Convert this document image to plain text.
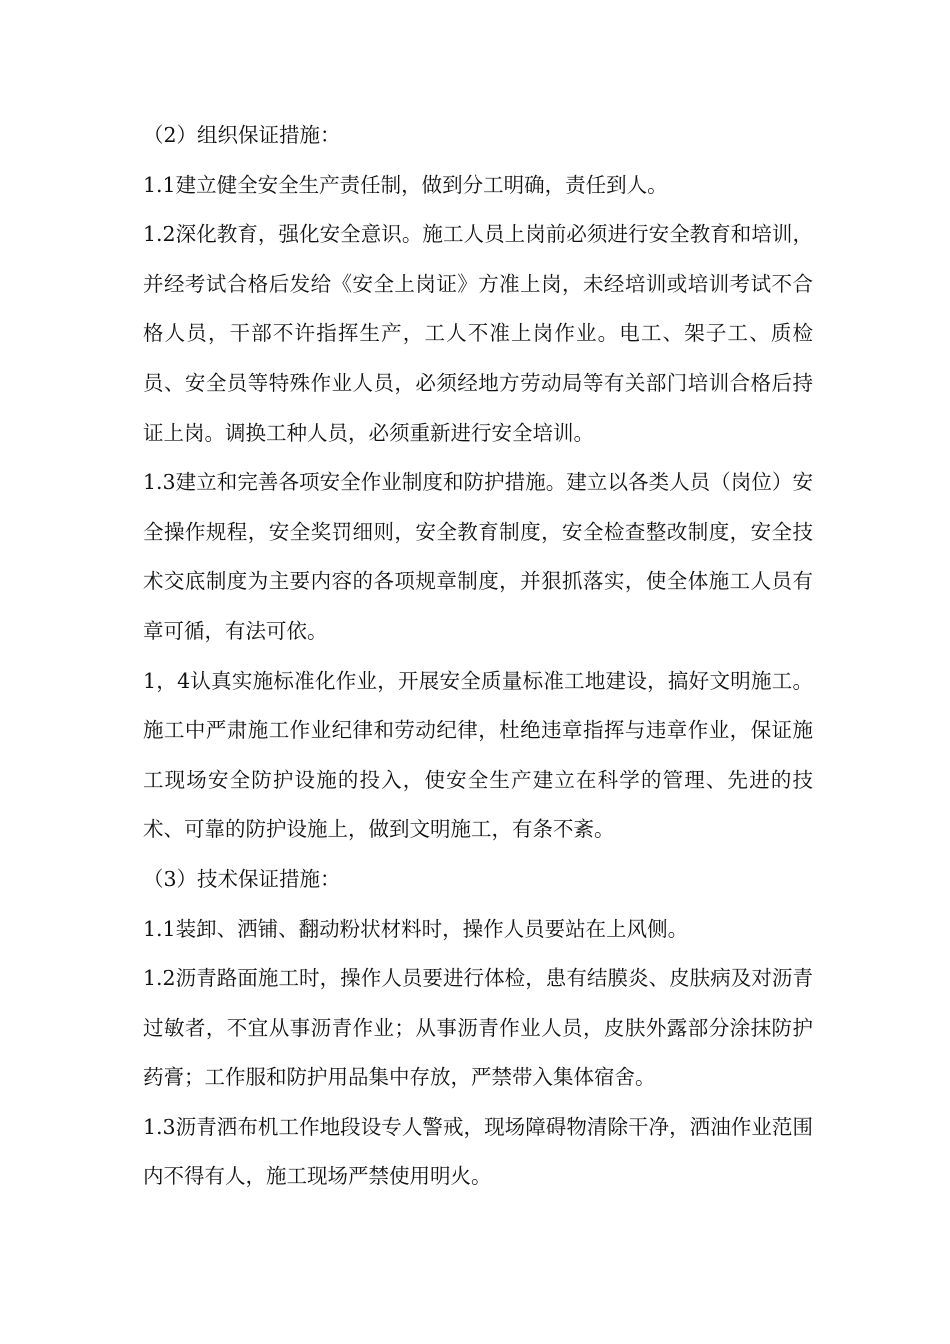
（2）组织保证措施：

1.1建立健全安全生产责任制，做到分工明确，责任到人。

1.2深化教育，强化安全意识。施工人员上岗前必须进行安全教育和培训，并经考试合格后发给《安全上岗证》方准上岗，未经培训或培训考试不合格人员，干部不许指挥生产，工人不准上岗作业。电工、架子工、质检员、安全员等特殊作业人员，必须经地方劳动局等有关部门培训合格后持证上岗。调换工种人员，必须重新进行安全培训。

1.3建立和完善各项安全作业制度和防护措施。建立以各类人员（岗位）安全操作规程，安全奖罚细则，安全教育制度，安全检查整改制度，安全技术交底制度为主要内容的各项规章制度，并狠抓落实，使全体施工人员有章可循，有法可依。

1，4认真实施标准化作业，开展安全质量标准工地建设，搞好文明施工。施工中严肃施工作业纪律和劳动纪律，杜绝违章指挥与违章作业，保证施工现场安全防护设施的投入，使安全生产建立在科学的管理、先进的技术、可靠的防护设施上，做到文明施工，有条不紊。

（3）技术保证措施：

1.1装卸、洒铺、翻动粉状材料时，操作人员要站在上风侧。

1.2沥青路面施工时，操作人员要进行体检，患有结膜炎、皮肤病及对沥青过敏者，不宜从事沥青作业；从事沥青作业人员，皮肤外露部分涂抹防护药膏；工作服和防护用品集中存放，严禁带入集体宿舍。

1.3沥青洒布机工作地段设专人警戒，现场障碍物清除干净，洒油作业范围内不得有人，施工现场严禁使用明火。
